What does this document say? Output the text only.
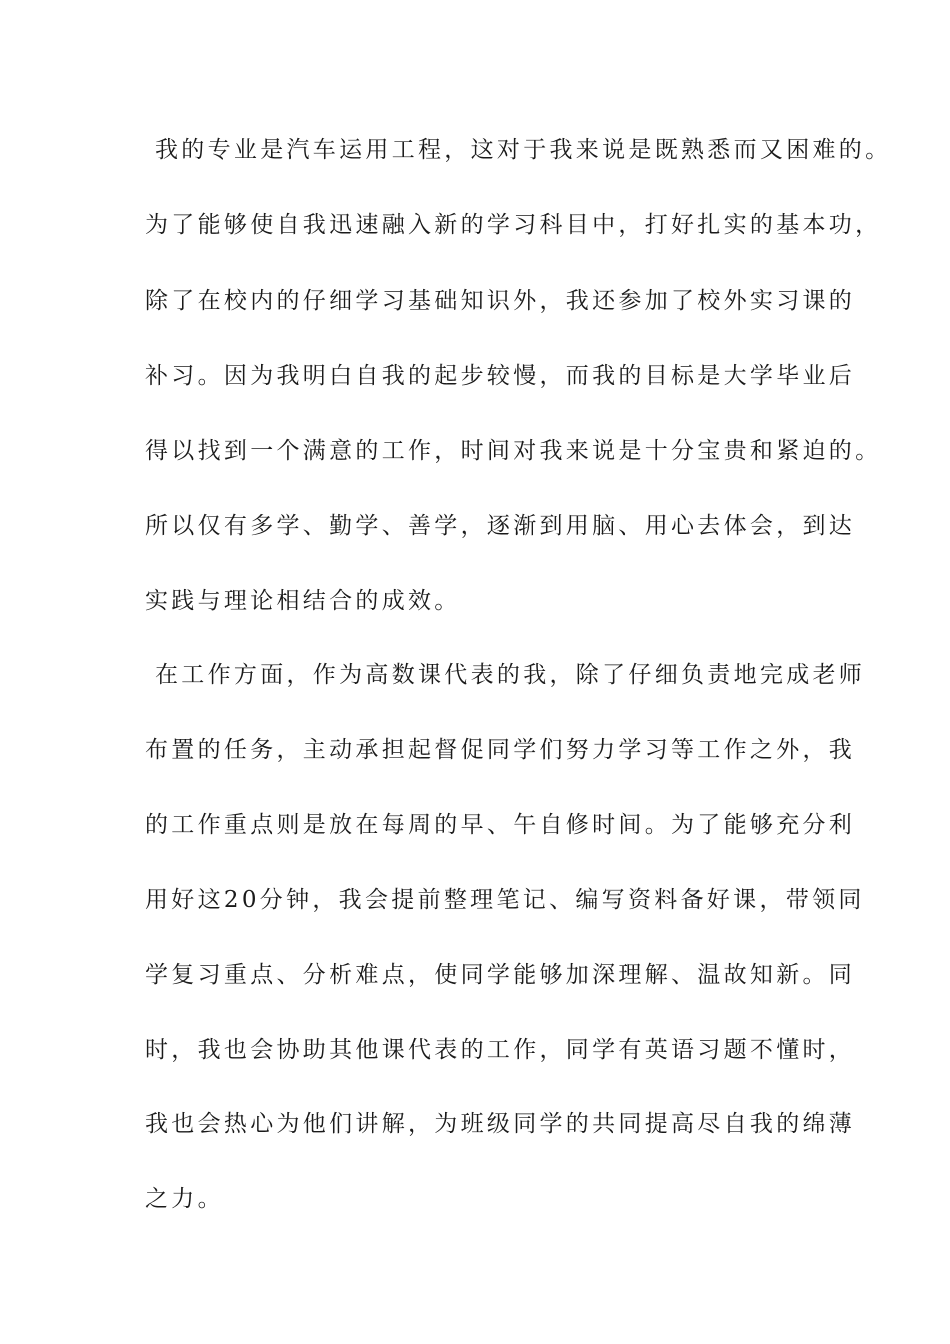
我的专业是汽车运用工程，这对于我来说是既熟悉而又困难的。
为了能够使自我迅速融入新的学习科目中，打好扎实的基本功，
除了在校内的仔细学习基础知识外，我还参加了校外实习课的
补习。因为我明白自我的起步较慢，而我的目标是大学毕业后
得以找到一个满意的工作，时间对我来说是十分宝贵和紧迫的。
所以仅有多学、勤学、善学，逐渐到用脑、用心去体会，到达
实践与理论相结合的成效。
在工作方面，作为高数课代表的我，除了仔细负责地完成老师
布置的任务，主动承担起督促同学们努力学习等工作之外，我
的工作重点则是放在每周的早、午自修时间。为了能够充分利
用好这20分钟，我会提前整理笔记、编写资料备好课，带领同
学复习重点、分析难点，使同学能够加深理解、温故知新。同
时，我也会协助其他课代表的工作，同学有英语习题不懂时，
我也会热心为他们讲解，为班级同学的共同提高尽自我的绵薄
之力。
